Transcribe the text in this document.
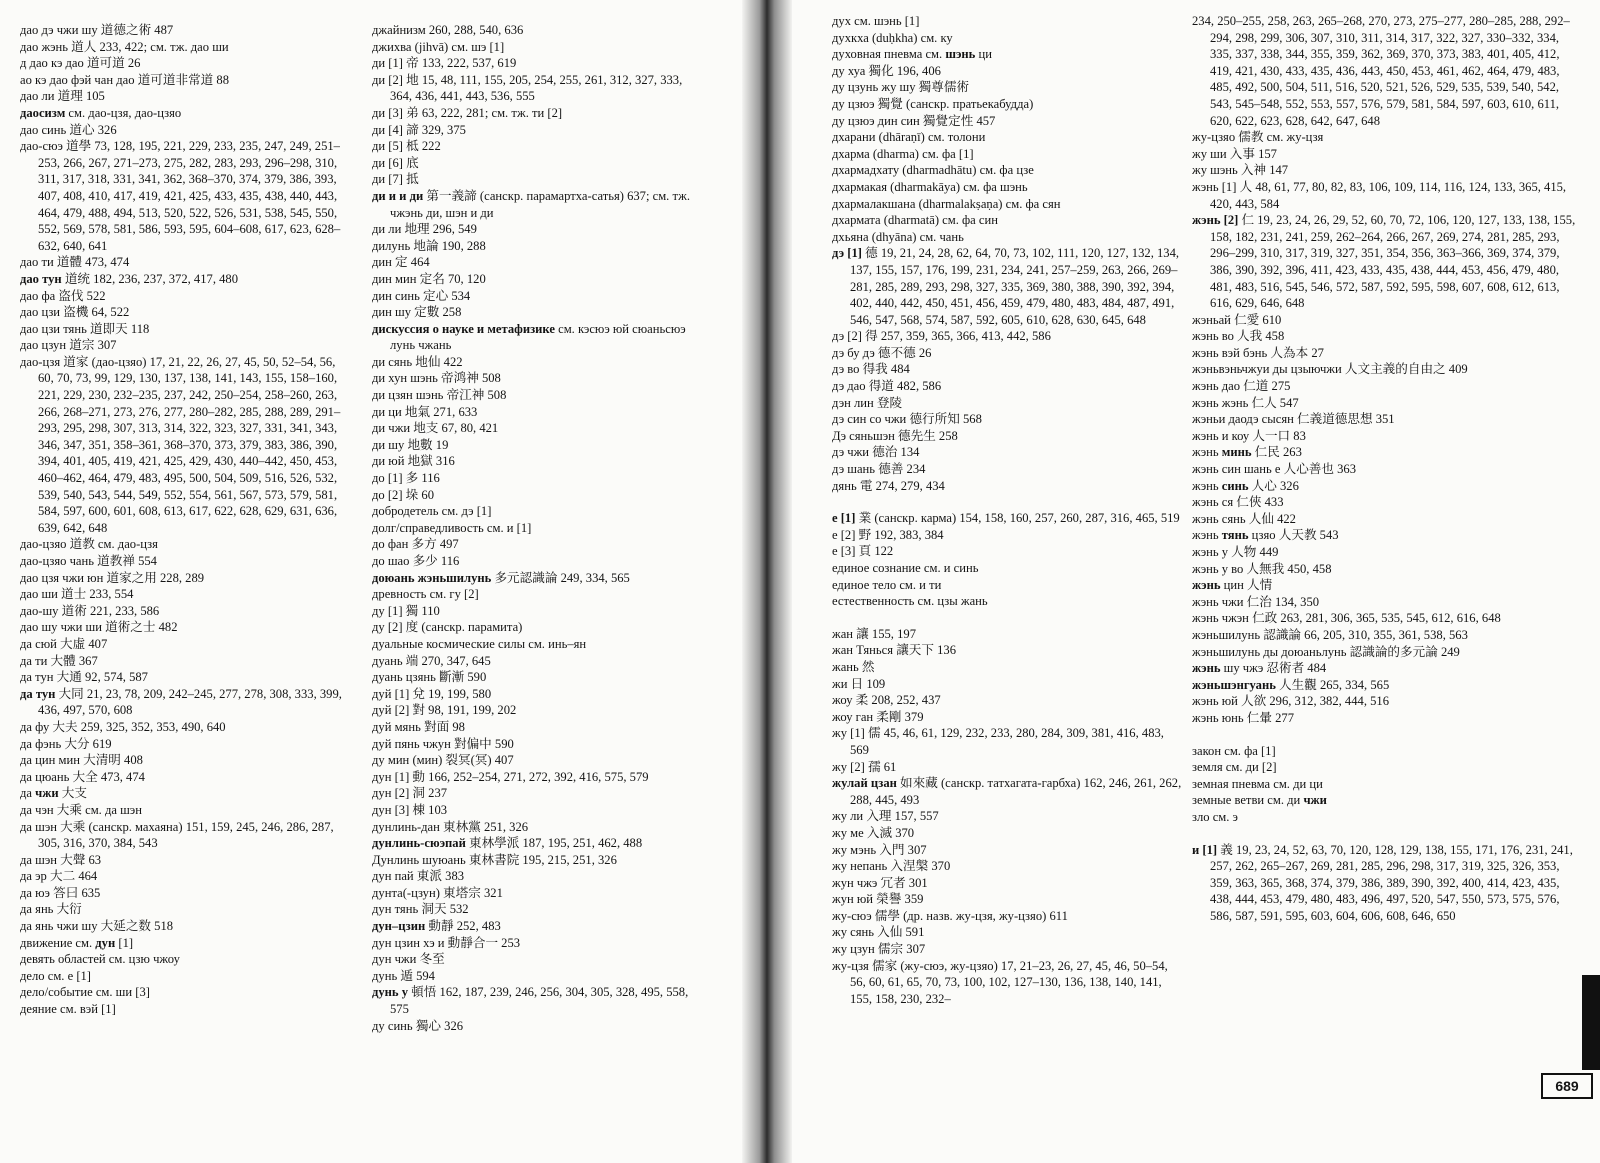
дао дэ чжи шу 道德之術 487

дао жэнь 道人 233, 422; см. тж. дао ши

д дао кэ дао 道可道 26

ао кэ дао фэй чан дао 道可道非常道 88

дао ли 道理 105

даосизм см. дао-цзя, дао-цзяо

дао синь 道心 326

дао-сюэ 道學 73, 128, 195, 221, 229, 233, 235, 247, 249, 251–253, 266, 267, 271–273, 275, 282, 283, 293, 296–298, 310, 311, 317, 318, 331, 341, 362, 368–370, 374, 379, 386, 393, 407, 408, 410, 417, 419, 421, 425, 433, 435, 438, 440, 443, 464, 479, 488, 494, 513, 520, 522, 526, 531, 538, 545, 550, 552, 569, 578, 581, 586, 593, 595, 604–608, 617, 623, 628–632, 640, 641

дао ти 道體 473, 474

дао тун 道统 182, 236, 237, 372, 417, 480

дао фа 盗伐 522

дао цзи 盗機 64, 522

дао цзи тянь 道即天 118

дао цзун 道宗 307

дао-цзя 道家 (дао-цзяо) 17, 21, 22, 26, 27, 45, 50, 52–54, 56, 60, 70, 73, 99, 129, 130, 137, 138, 141, 143, 155, 158–160, 221, 229, 230, 232–235, 237, 242, 250–254, 258–260, 263, 266, 268–271, 273, 276, 277, 280–282, 285, 288, 289, 291–293, 295, 298, 307, 313, 314, 322, 323, 327, 331, 341, 343, 346, 347, 351, 358–361, 368–370, 373, 379, 383, 386, 390, 394, 401, 405, 419, 421, 425, 429, 430, 440–442, 450, 453, 460–462, 464, 479, 483, 495, 500, 504, 509, 516, 526, 532, 539, 540, 543, 544, 549, 552, 554, 561, 567, 573, 579, 581, 584, 597, 600, 601, 608, 613, 617, 622, 628, 629, 631, 636, 639, 642, 648

дао-цзяо 道教 см. дао-цзя

дао-цзяо чань 道教禅 554

дао цзя чжи юн 道家之用 228, 289

дао ши 道士 233, 554

дао-шу 道術 221, 233, 586

дао шу чжи ши 道術之士 482

да сюй 大虛 407

да ти 大體 367

да тун 大通 92, 574, 587

да тун 大同 21, 23, 78, 209, 242–245, 277, 278, 308, 333, 399, 436, 497, 570, 608

да фу 大夫 259, 325, 352, 353, 490, 640

да фэнь 大分 619

да цин мин 大清明 408

да цюань 大全 473, 474

да чжи 大支

да чэн 大乘 см. да шэн

да шэн 大乘 (санскр. махаяна) 151, 159, 245, 246, 286, 287, 305, 316, 370, 384, 543

да шэн 大聲 63

да эр 大二 464

да юэ 答曰 635

да янь 大衍

да янь чжи шу 大延之数 518

движение см. дун [1]

девять областей см. цзю чжоу

дело см. е [1]

дело/событие см. ши [3]

деяние см. вэй [1]

джайнизм 260, 288, 540, 636

джихва (jihvā) см. шэ [1]

ди [1] 帝 133, 222, 537, 619

ди [2] 地 15, 48, 111, 155, 205, 254, 255, 261, 312, 327, 333, 364, 436, 441, 443, 536, 555

ди [3] 弟 63, 222, 281; см. тж. ти [2]

ди [4] 諦 329, 375

ди [5] 柢 222

ди [6] 底

ди [7] 抵

ди и и ди 第一義諦 (санскр. парамартха-сатья) 637; см. тж. чжэнь ди, шэн и ди

ди ли 地理 296, 549

дилунь 地論 190, 288

дин 定 464

дин мин 定名 70, 120

дин синь 定心 534

дин шу 定數 258

дискуссия о науке и метафизике см. кэсюэ юй сюаньсюэ лунь чжань

ди сянь 地仙 422

ди хун шэнь 帝鸿神 508

ди цзян шэнь 帝江神 508

ди ци 地氣 271, 633

ди чжи 地支 67, 80, 421

ди шу 地數 19

ди юй 地獄 316

до [1] 多 116

до [2] 垛 60

добродетель см. дэ [1]

долг/справедливость см. и [1]

до фан 多方 497

до шао 多少 116

доюань жэньшилунь 多元認識論 249, 334, 565

древность см. гу [2]

ду [1] 獨 110

ду [2] 度 (санскр. парамита)

дуальные космические силы см. инь–ян

дуань 端 270, 347, 645

дуань цзянь 斷漸 590

дуй [1] 兌 19, 199, 580

дуй [2] 對 98, 191, 199, 202

дуй мянь 對面 98

дуй пянь чжун 對偏中 590

ду мин (мин) 裂冥(冥) 407

дун [1] 動 166, 252–254, 271, 272, 392, 416, 575, 579

дун [2] 洞 237

дун [3] 棟 103

дунлинь-дан 東林黨 251, 326

дунлинь-сюэпай 東林學派 187, 195, 251, 462, 488

Дунлинь шуюань 東林書院 195, 215, 251, 326

дун пай 東派 383

дунта(-цзун) 東塔宗 321

дун тянь 洞天 532

дун–цзин 動靜 252, 483

дун цзин хэ и 動靜合一 253

дун чжи 冬至

дунь 遁 594

дунь у 頓悟 162, 187, 239, 246, 256, 304, 305, 328, 495, 558, 575

ду синь 獨心 326

дух см. шэнь [1]

духкха (duḥkha) см. ку

духовная пневма см. шэнь ци

ду хуа 獨化 196, 406

ду цзунь жу шу 獨尊儒術

ду цзюэ 獨覺 (санскр. пратьекабудда)

ду цзюэ дин син 獨覺定性 457

дхарани (dhāraṇī) см. толони

дхарма (dharma) см. фа [1]

дхармадхату (dharmadhātu) см. фа цзе

дхармакая (dharmakāya) см. фа шэнь

дхармалакшана (dharmalakṣaṇa) см. фа сян

дхармата (dharmatā) см. фа син

дхьяна (dhyāna) см. чань

дэ [1] 德 19, 21, 24, 28, 62, 64, 70, 73, 102, 111, 120, 127, 132, 134, 137, 155, 157, 176, 199, 231, 234, 241, 257–259, 263, 266, 269–281, 285, 289, 293, 298, 327, 335, 369, 380, 388, 390, 392, 394, 402, 440, 442, 450, 451, 456, 459, 479, 480, 483, 484, 487, 491, 546, 547, 568, 574, 587, 592, 605, 610, 628, 630, 645, 648

дэ [2] 得 257, 359, 365, 366, 413, 442, 586

дэ бу дэ 德不德 26

дэ во 得我 484

дэ дао 得道 482, 586

дэн лин 登陵

дэ син со чжи 德行所知 568

Дэ сяньшэн 德先生 258

дэ чжи 德治 134

дэ шань 德善 234

дянь 電 274, 279, 434

е [1] 業 (санскр. карма) 154, 158, 160, 257, 260, 287, 316, 465, 519

е [2] 野 192, 383, 384

е [3] 頁 122

единое сознание см. и синь

единое тело см. и ти

естественность см. цзы жань

жан 讓 155, 197

жан Тянься 讓天下 136

жань 然

жи 日 109

жоу 柔 208, 252, 437

жоу ган 柔剛 379

жу [1] 儒 45, 46, 61, 129, 232, 233, 280, 284, 309, 381, 416, 483, 569

жу [2] 孺 61

жулай цзан 如來藏 (санскр. татхагата-гарбха) 162, 246, 261, 262, 288, 445, 493

жу ли 入理 157, 557

жу ме 入滅 370

жу мэнь 入門 307

жу непань 入涅槃 370

жун чжэ 冗者 301

жун юй 榮譽 359

жу-сюэ 儒學 (др. назв. жу-цзя, жу-цзяо) 611

жу сянь 入仙 591

жу цзун 儒宗 307

жу-цзя 儒家 (жу-сюэ, жу-цзяо) 17, 21–23, 26, 27, 45, 46, 50–54, 56, 60, 61, 65, 70, 73, 100, 102, 127–130, 136, 138, 140, 141, 155, 158, 230, 232–

234, 250–255, 258, 263, 265–268, 270, 273, 275–277, 280–285, 288, 292–294, 298, 299, 306, 307, 310, 311, 314, 317, 322, 327, 330–332, 334, 335, 337, 338, 344, 355, 359, 362, 369, 370, 373, 383, 401, 405, 412, 419, 421, 430, 433, 435, 436, 443, 450, 453, 461, 462, 464, 479, 483, 485, 492, 500, 504, 511, 516, 520, 521, 526, 529, 535, 539, 540, 542, 543, 545–548, 552, 553, 557, 576, 579, 581, 584, 597, 603, 610, 611, 620, 622, 623, 628, 642, 647, 648

жу-цзяо 儒教 см. жу-цзя

жу ши 入事 157

жу шэнь 入神 147

жэнь [1] 人 48, 61, 77, 80, 82, 83, 106, 109, 114, 116, 124, 133, 365, 415, 420, 443, 584

жэнь [2] 仁 19, 23, 24, 26, 29, 52, 60, 70, 72, 106, 120, 127, 133, 138, 155, 158, 182, 231, 241, 259, 262–264, 266, 267, 269, 274, 281, 285, 293, 296–299, 310, 317, 319, 327, 351, 354, 356, 363–366, 369, 374, 379, 386, 390, 392, 396, 411, 423, 433, 435, 438, 444, 453, 456, 479, 480, 481, 483, 516, 545, 546, 572, 587, 592, 595, 598, 607, 608, 612, 613, 616, 629, 646, 648

жэньай 仁愛 610

жэнь во 人我 458

жэнь вэй бэнь 人為本 27

жэньвэньчжуи ды цзыючжи 人文主義的自由之 409

жэнь дао 仁道 275

жэнь жэнь 仁人 547

жэньи даодэ сысян 仁義道德思想 351

жэнь и коу 人一口 83

жэнь минь 仁民 263

жэнь син шань е 人心善也 363

жэнь синь 人心 326

жэнь ся 仁俠 433

жэнь сянь 人仙 422

жэнь тянь цзяо 人天教 543

жэнь у 人物 449

жэнь у во 人無我 450, 458

жэнь цин 人情

жэнь чжи 仁治 134, 350

жэнь чжэн 仁政 263, 281, 306, 365, 535, 545, 612, 616, 648

жэньшилунь 認識論 66, 205, 310, 355, 361, 538, 563

жэньшилунь ды доюаньлунь 認識論的多元論 249

жэнь шу чжэ 忍術者 484

жэньшэнгуань 人生觀 265, 334, 565

жэнь юй 人欲 296, 312, 382, 444, 516

жэнь юнь 仁暈 277

закон см. фа [1]

земля см. ди [2]

земная пневма см. ди ци

земные ветви см. ди чжи

зло см. э

и [1] 義 19, 23, 24, 52, 63, 70, 120, 128, 129, 138, 155, 171, 176, 231, 241, 257, 262, 265–267, 269, 281, 285, 296, 298, 317, 319, 325, 326, 353, 359, 363, 365, 368, 374, 379, 386, 389, 390, 392, 400, 414, 423, 435, 438, 444, 453, 479, 480, 483, 496, 497, 520, 547, 550, 573, 575, 576, 586, 587, 591, 595, 603, 604, 606, 608, 646, 650

689
